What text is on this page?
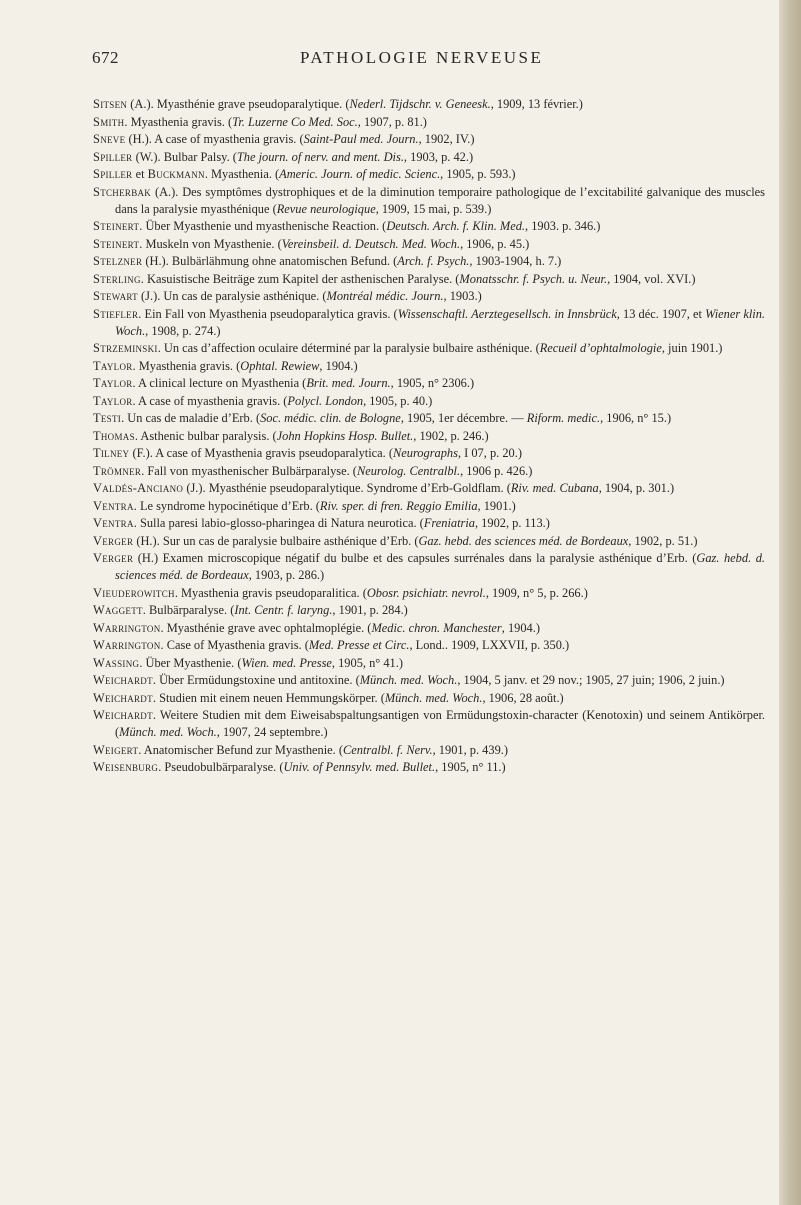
672	PATHOLOGIE NERVEUSE

Sitsen (A.). Myasthénie grave pseudoparalytique. (Nederl. Tijdschr. v. Geneesk., 1909, 13 février.)

Smith. Myasthenia gravis. (Tr. Luzerne Co Med. Soc., 1907, p. 81.)

Sneve (H.). A case of myasthenia gravis. (Saint-Paul med. Journ., 1902, IV.)

Spiller (W.). Bulbar Palsy. (The journ. of nerv. and ment. Dis., 1903, p. 42.)

Spiller et Buckmann. Myasthenia. (Americ. Journ. of medic. Scienc., 1905, p. 593.)

Stcherbak (A.). Des symptômes dystrophiques et de la diminution temporaire pathologique de l’excitabilité galvanique des muscles dans la paralysie myasthénique (Revue neurologique, 1909, 15 mai, p. 539.)

Steinert. Über Myasthenie und myasthenische Reaction. (Deutsch. Arch. f. Klin. Med., 1903. p. 346.)

Steinert. Muskeln von Myasthenie. (Vereinsbeil. d. Deutsch. Med. Woch., 1906, p. 45.)

Stelzner (H.). Bulbärlähmung ohne anatomischen Befund. (Arch. f. Psych., 1903-1904, h. 7.)

Sterling. Kasuistische Beiträge zum Kapitel der asthenischen Paralyse. (Monatsschr. f. Psych. u. Neur., 1904, vol. XVI.)

Stewart (J.). Un cas de paralysie asthénique. (Montréal médic. Journ., 1903.)

Stiefler. Ein Fall von Myasthenia pseudoparalytica gravis. (Wissenschaftl. Aerztegesellsch. in Innsbrück, 13 déc. 1907, et Wiener klin. Woch., 1908, p. 274.)

Strzeminski. Un cas d’affection oculaire déterminé par la paralysie bulbaire asthénique. (Recueil d’ophtalmologie, juin 1901.)

Taylor. Myasthenia gravis. (Ophtal. Rewiew, 1904.)

Taylor. A clinical lecture on Myasthenia (Brit. med. Journ., 1905, n° 2306.)

Taylor. A case of myasthenia gravis. (Polycl. London, 1905, p. 40.)

Testi. Un cas de maladie d’Erb. (Soc. médic. clin. de Bologne, 1905, 1er décembre. — Riform. medic., 1906, n° 15.)

Thomas. Asthenic bulbar paralysis. (John Hopkins Hosp. Bullet., 1902, p. 246.)

Tilney (F.). A case of Myasthenia gravis pseudoparalytica. (Neurographs, I 07, p. 20.)

Trömner. Fall von myasthenischer Bulbärparalyse. (Neurolog. Centralbl., 1906 p. 426.)

Valdés-Anciano (J.). Myasthénie pseudoparalytique. Syndrome d’Erb-Goldflam. (Riv. med. Cubana, 1904, p. 301.)

Ventra. Le syndrome hypocinétique d’Erb. (Riv. sper. di fren. Reggio Emilia, 1901.)

Ventra. Sulla paresi labio-glosso-pharingea di Natura neurotica. (Freniatria, 1902, p. 113.)

Verger (H.). Sur un cas de paralysie bulbaire asthénique d’Erb. (Gaz. hebd. des sciences méd. de Bordeaux, 1902, p. 51.)

Verger (H.) Examen microscopique négatif du bulbe et des capsules surrénales dans la paralysie asthénique d’Erb. (Gaz. hebd. d. sciences méd. de Bordeaux, 1903, p. 286.)

Vieuderowitch. Myasthenia gravis pseudoparalitica. (Obosr. psichiatr. nevrol., 1909, n° 5, p. 266.)

Waggett. Bulbärparalyse. (Int. Centr. f. laryng., 1901, p. 284.)

Warrington. Myasthénie grave avec ophtalmoplégie. (Medic. chron. Manchester, 1904.)

Warrington. Case of Myasthenia gravis. (Med. Presse et Circ., Lond.. 1909, LXXVII, p. 350.)

Wassing. Über Myasthenie. (Wien. med. Presse, 1905, n° 41.)

Weichardt. Über Ermüdungstoxine und antitoxine. (Münch. med. Woch., 1904, 5 janv. et 29 nov.; 1905, 27 juin; 1906, 2 juin.)

Weichardt. Studien mit einem neuen Hemmungskörper. (Münch. med. Woch., 1906, 28 août.)

Weichardt. Weitere Studien mit dem Eiweisabspaltungsantigen von Ermüdungstoxin-character (Kenotoxin) und seinem Antikörper. (Münch. med. Woch., 1907, 24 septembre.)

Weigert. Anatomischer Befund zur Myasthenie. (Centralbl. f. Nerv., 1901, p. 439.)

Weisenburg. Pseudobulbärparalyse. (Univ. of Pennsylv. med. Bullet., 1905, n° 11.)
